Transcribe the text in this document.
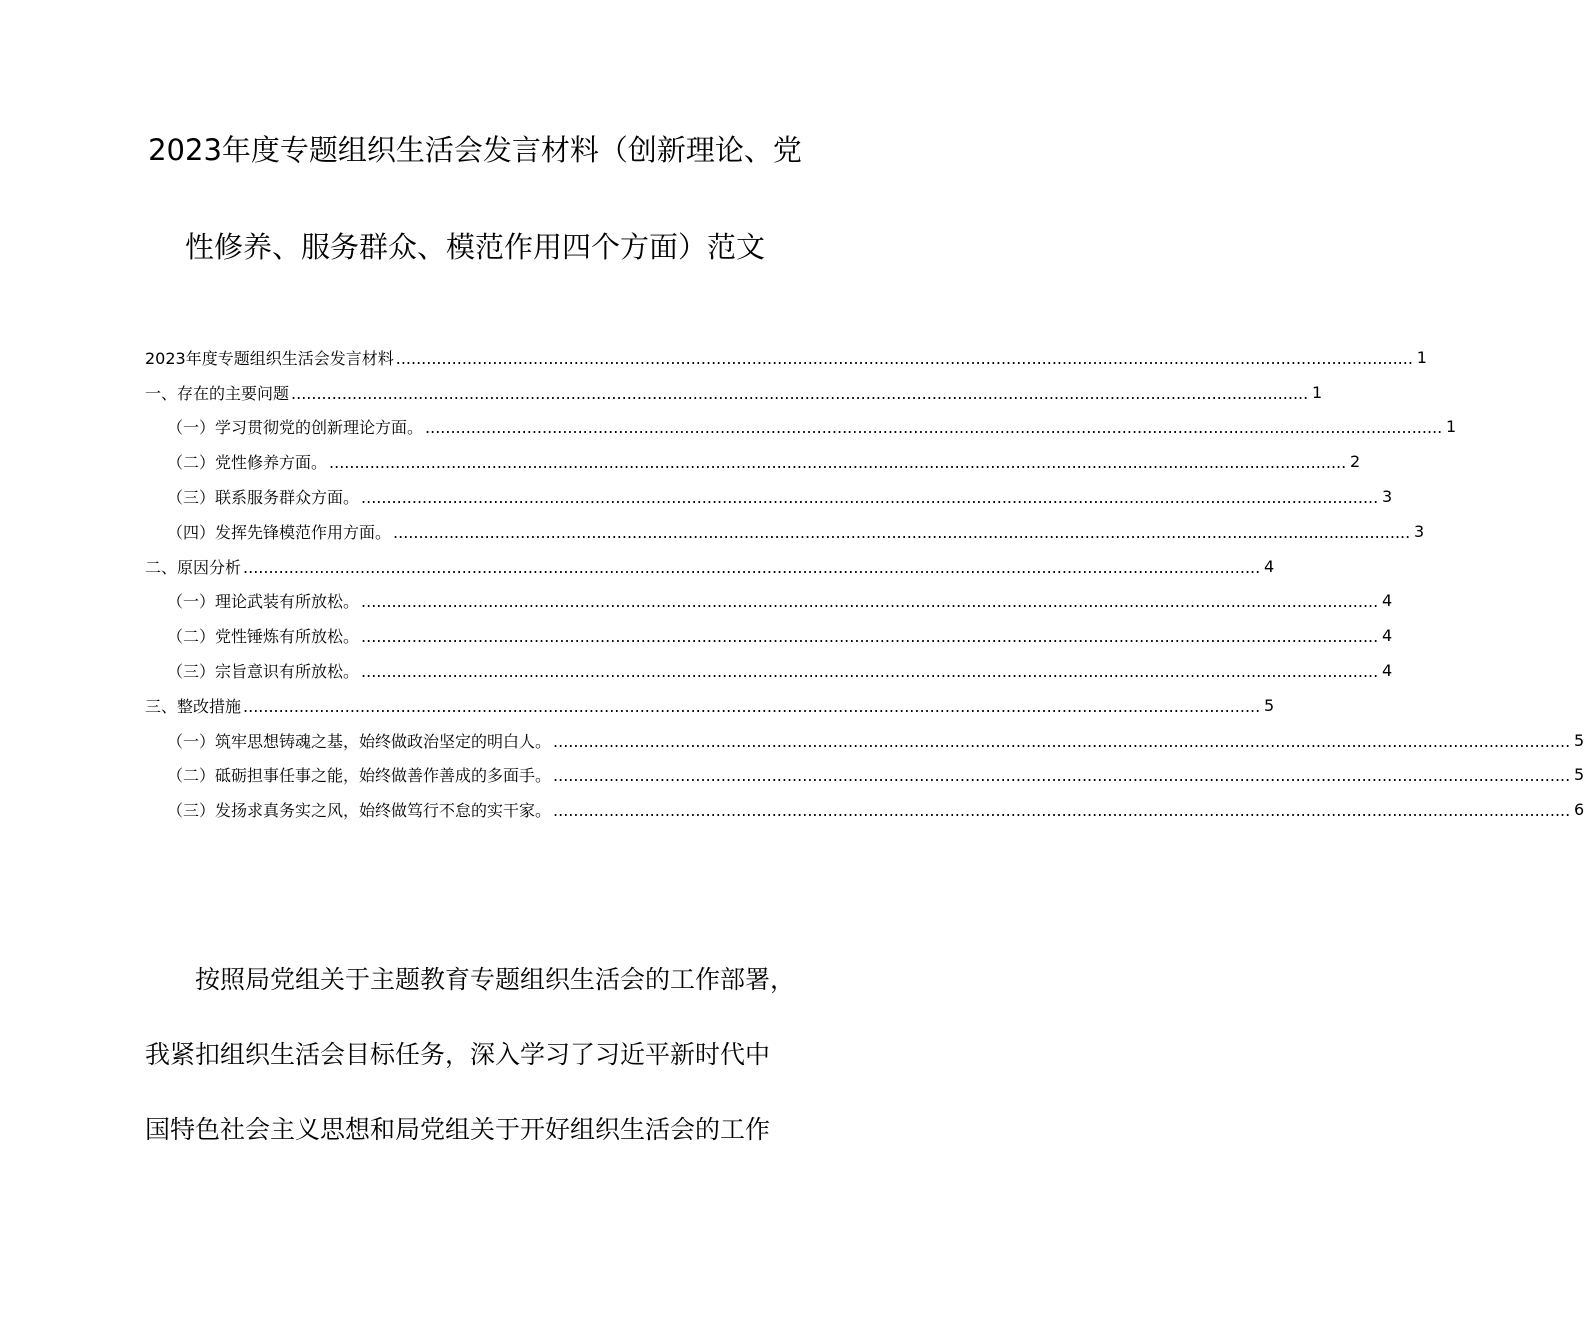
2023年度专题组织生活会发言材料（创新理论、党
性修养、服务群众、模范作用四个方面）范文
2023年度专题组织生活会发言材料 ........................................................................................................................................................................................................ 1
一、存在的主要问题 ........................................................................................................................................................................................................ 1
（一）学习贯彻党的创新理论方面。 ........................................................................................................................................................................................................ 1
（二）党性修养方面。 ........................................................................................................................................................................................................ 2
（三）联系服务群众方面。 ........................................................................................................................................................................................................ 3
（四）发挥先锋模范作用方面。 ........................................................................................................................................................................................................ 3
二、原因分析 ........................................................................................................................................................................................................ 4
（一）理论武装有所放松。 ........................................................................................................................................................................................................ 4
（二）党性锤炼有所放松。 ........................................................................................................................................................................................................ 4
（三）宗旨意识有所放松。 ........................................................................................................................................................................................................ 4
三、整改措施 ........................................................................................................................................................................................................ 5
（一）筑牢思想铸魂之基，始终做政治坚定的明白人。 ........................................................................................................................................................................................................ 5
（二）砥砺担事任事之能，始终做善作善成的多面手。 ........................................................................................................................................................................................................ 5
（三）发扬求真务实之风，始终做笃行不怠的实干家。 ........................................................................................................................................................................................................ 6
按照局党组关于主题教育专题组织生活会的工作部署，
我紧扣组织生活会目标任务，深入学习了习近平新时代中
国特色社会主义思想和局党组关于开好组织生活会的工作
